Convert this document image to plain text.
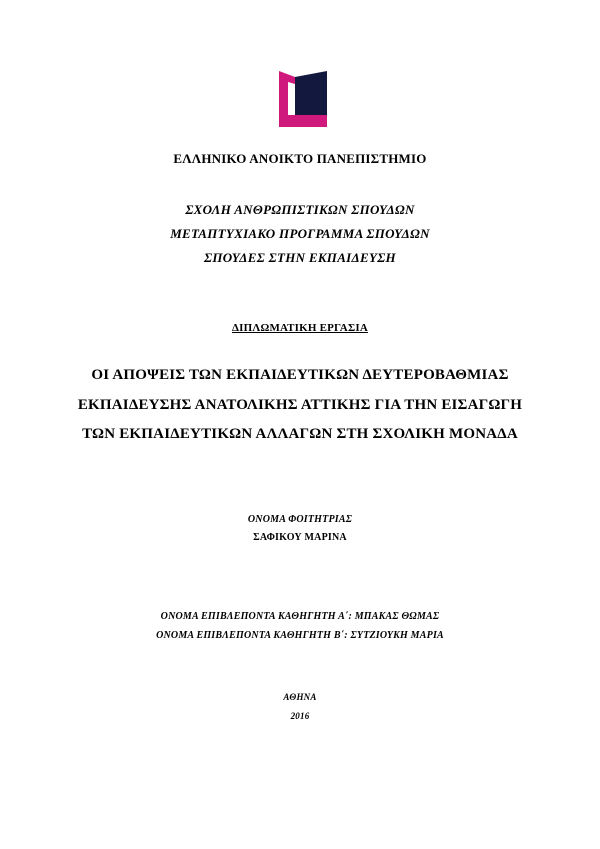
ΕΛΛΗΝΙΚΟ ΑΝΟΙΚΤΟ ΠΑΝΕΠΙΣΤΗΜΙΟ
ΣΧΟΛΗ ΑΝΘΡΩΠΙΣΤΙΚΩΝ ΣΠΟΥΔΩΝ
ΜΕΤΑΠΤΥΧΙΑΚΟ ΠΡΟΓΡΑΜΜΑ ΣΠΟΥΔΩΝ
ΣΠΟΥΔΕΣ ΣΤΗΝ ΕΚΠΑΙΔΕΥΣΗ
ΔΙΠΛΩΜΑΤΙΚΗ ΕΡΓΑΣΙΑ
ΟΙ ΑΠΟΨΕΙΣ ΤΩΝ ΕΚΠΑΙΔΕΥΤΙΚΩΝ ΔΕΥΤΕΡΟΒΑΘΜΙΑΣ
ΕΚΠΑΙΔΕΥΣΗΣ ΑΝΑΤΟΛΙΚΗΣ ΑΤΤΙΚΗΣ ΓΙΑ ΤΗΝ ΕΙΣΑΓΩΓΗ
ΤΩΝ ΕΚΠΑΙΔΕΥΤΙΚΩΝ ΑΛΛΑΓΩΝ ΣΤΗ ΣΧΟΛΙΚΗ ΜΟΝΑΔΑ
ΟΝΟΜΑ ΦΟΙΤΗΤΡΙΑΣ
ΣΑΦΙΚΟΥ ΜΑΡΙΝΑ
ΟΝΟΜΑ ΕΠΙΒΛΕΠΟΝΤΑ ΚΑΘΗΓΗΤΗ Α΄: ΜΠΑΚΑΣ ΘΩΜΑΣ
ΟΝΟΜΑ ΕΠΙΒΛΕΠΟΝΤΑ ΚΑΘΗΓΗΤΗ Β΄: ΣΥΤΖΙΟΥΚΗ ΜΑΡΙΑ
ΑΘΗΝΑ
2016
